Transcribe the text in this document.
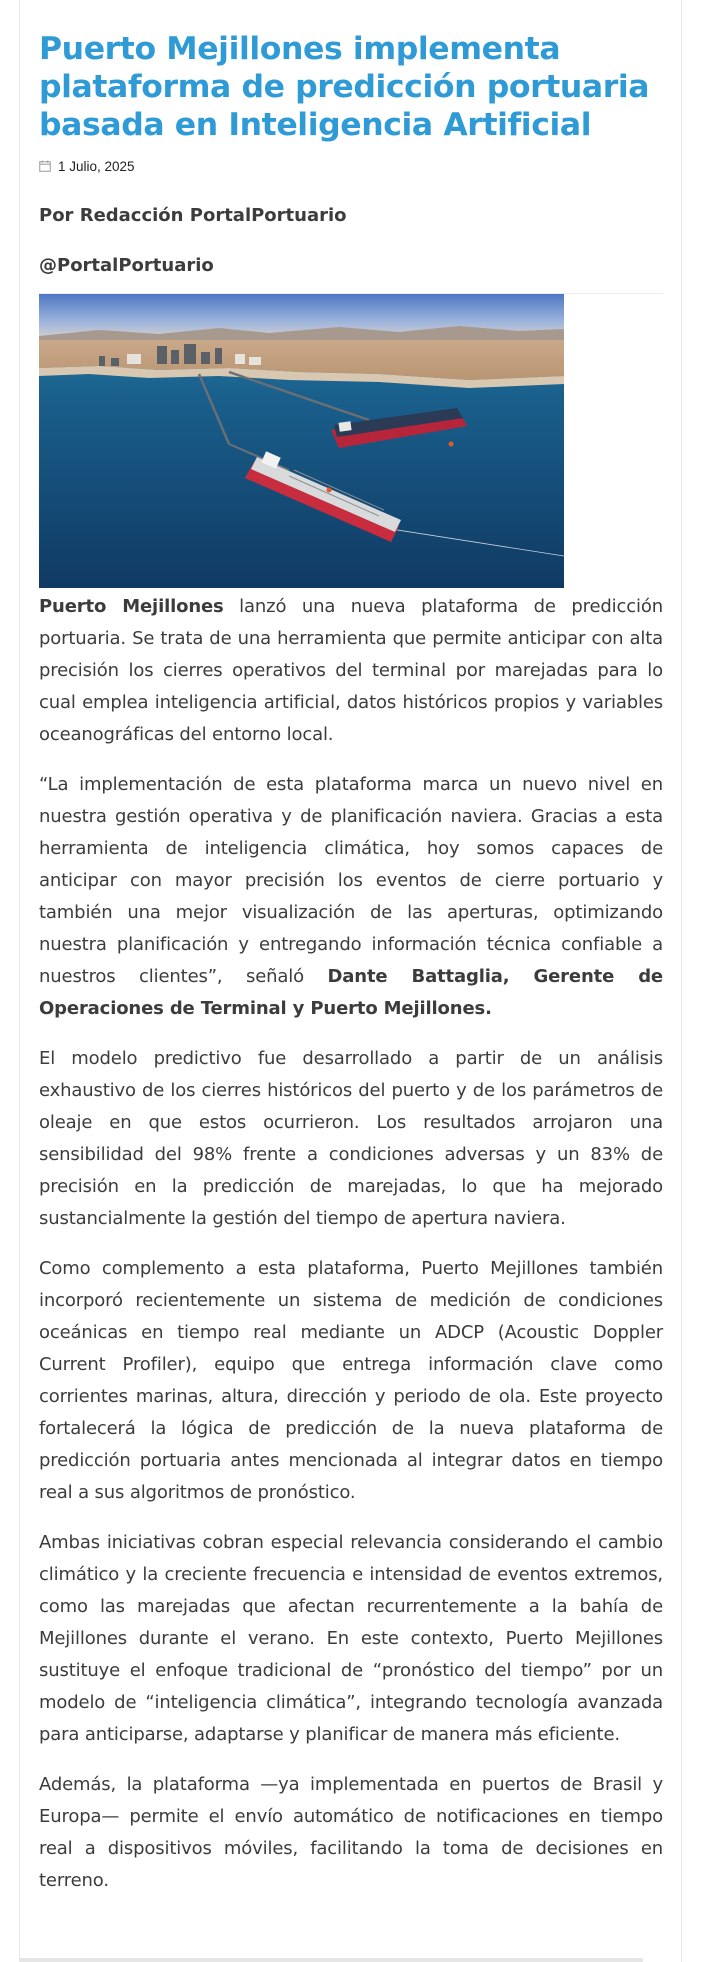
Puerto Mejillones implementa plataforma de predicción portuaria basada en Inteligencia Artificial
1 Julio, 2025

Por Redacción PortalPortuario

@PortalPortuario

Puerto Mejillones lanzó una nueva plataforma de predicción portuaria. Se trata de una herramienta que permite anticipar con alta precisión los cierres operativos del terminal por marejadas para lo cual emplea inteligencia artificial, datos históricos propios y variables oceanográficas del entorno local.

“La implementación de esta plataforma marca un nuevo nivel en nuestra gestión operativa y de planificación naviera. Gracias a esta herramienta de inteligencia climática, hoy somos capaces de anticipar con mayor precisión los eventos de cierre portuario y también una mejor visualización de las aperturas, optimizando nuestra planificación y entregando información técnica confiable a nuestros clientes”, señaló Dante Battaglia, Gerente de Operaciones de Terminal y Puerto Mejillones.

El modelo predictivo fue desarrollado a partir de un análisis exhaustivo de los cierres históricos del puerto y de los parámetros de oleaje en que estos ocurrieron. Los resultados arrojaron una sensibilidad del 98% frente a condiciones adversas y un 83% de precisión en la predicción de marejadas, lo que ha mejorado sustancialmente la gestión del tiempo de apertura naviera.

Como complemento a esta plataforma, Puerto Mejillones también incorporó recientemente un sistema de medición de condiciones oceánicas en tiempo real mediante un ADCP (Acoustic Doppler Current Profiler), equipo que entrega información clave como corrientes marinas, altura, dirección y periodo de ola. Este proyecto fortalecerá la lógica de predicción de la nueva plataforma de predicción portuaria antes mencionada al integrar datos en tiempo real a sus algoritmos de pronóstico.

Ambas iniciativas cobran especial relevancia considerando el cambio climático y la creciente frecuencia e intensidad de eventos extremos, como las marejadas que afectan recurrentemente a la bahía de Mejillones durante el verano. En este contexto, Puerto Mejillones sustituye el enfoque tradicional de “pronóstico del tiempo” por un modelo de “inteligencia climática”, integrando tecnología avanzada para anticiparse, adaptarse y planificar de manera más eficiente.

Además, la plataforma —ya implementada en puertos de Brasil y Europa— permite el envío automático de notificaciones en tiempo real a dispositivos móviles, facilitando la toma de decisiones en terreno.
